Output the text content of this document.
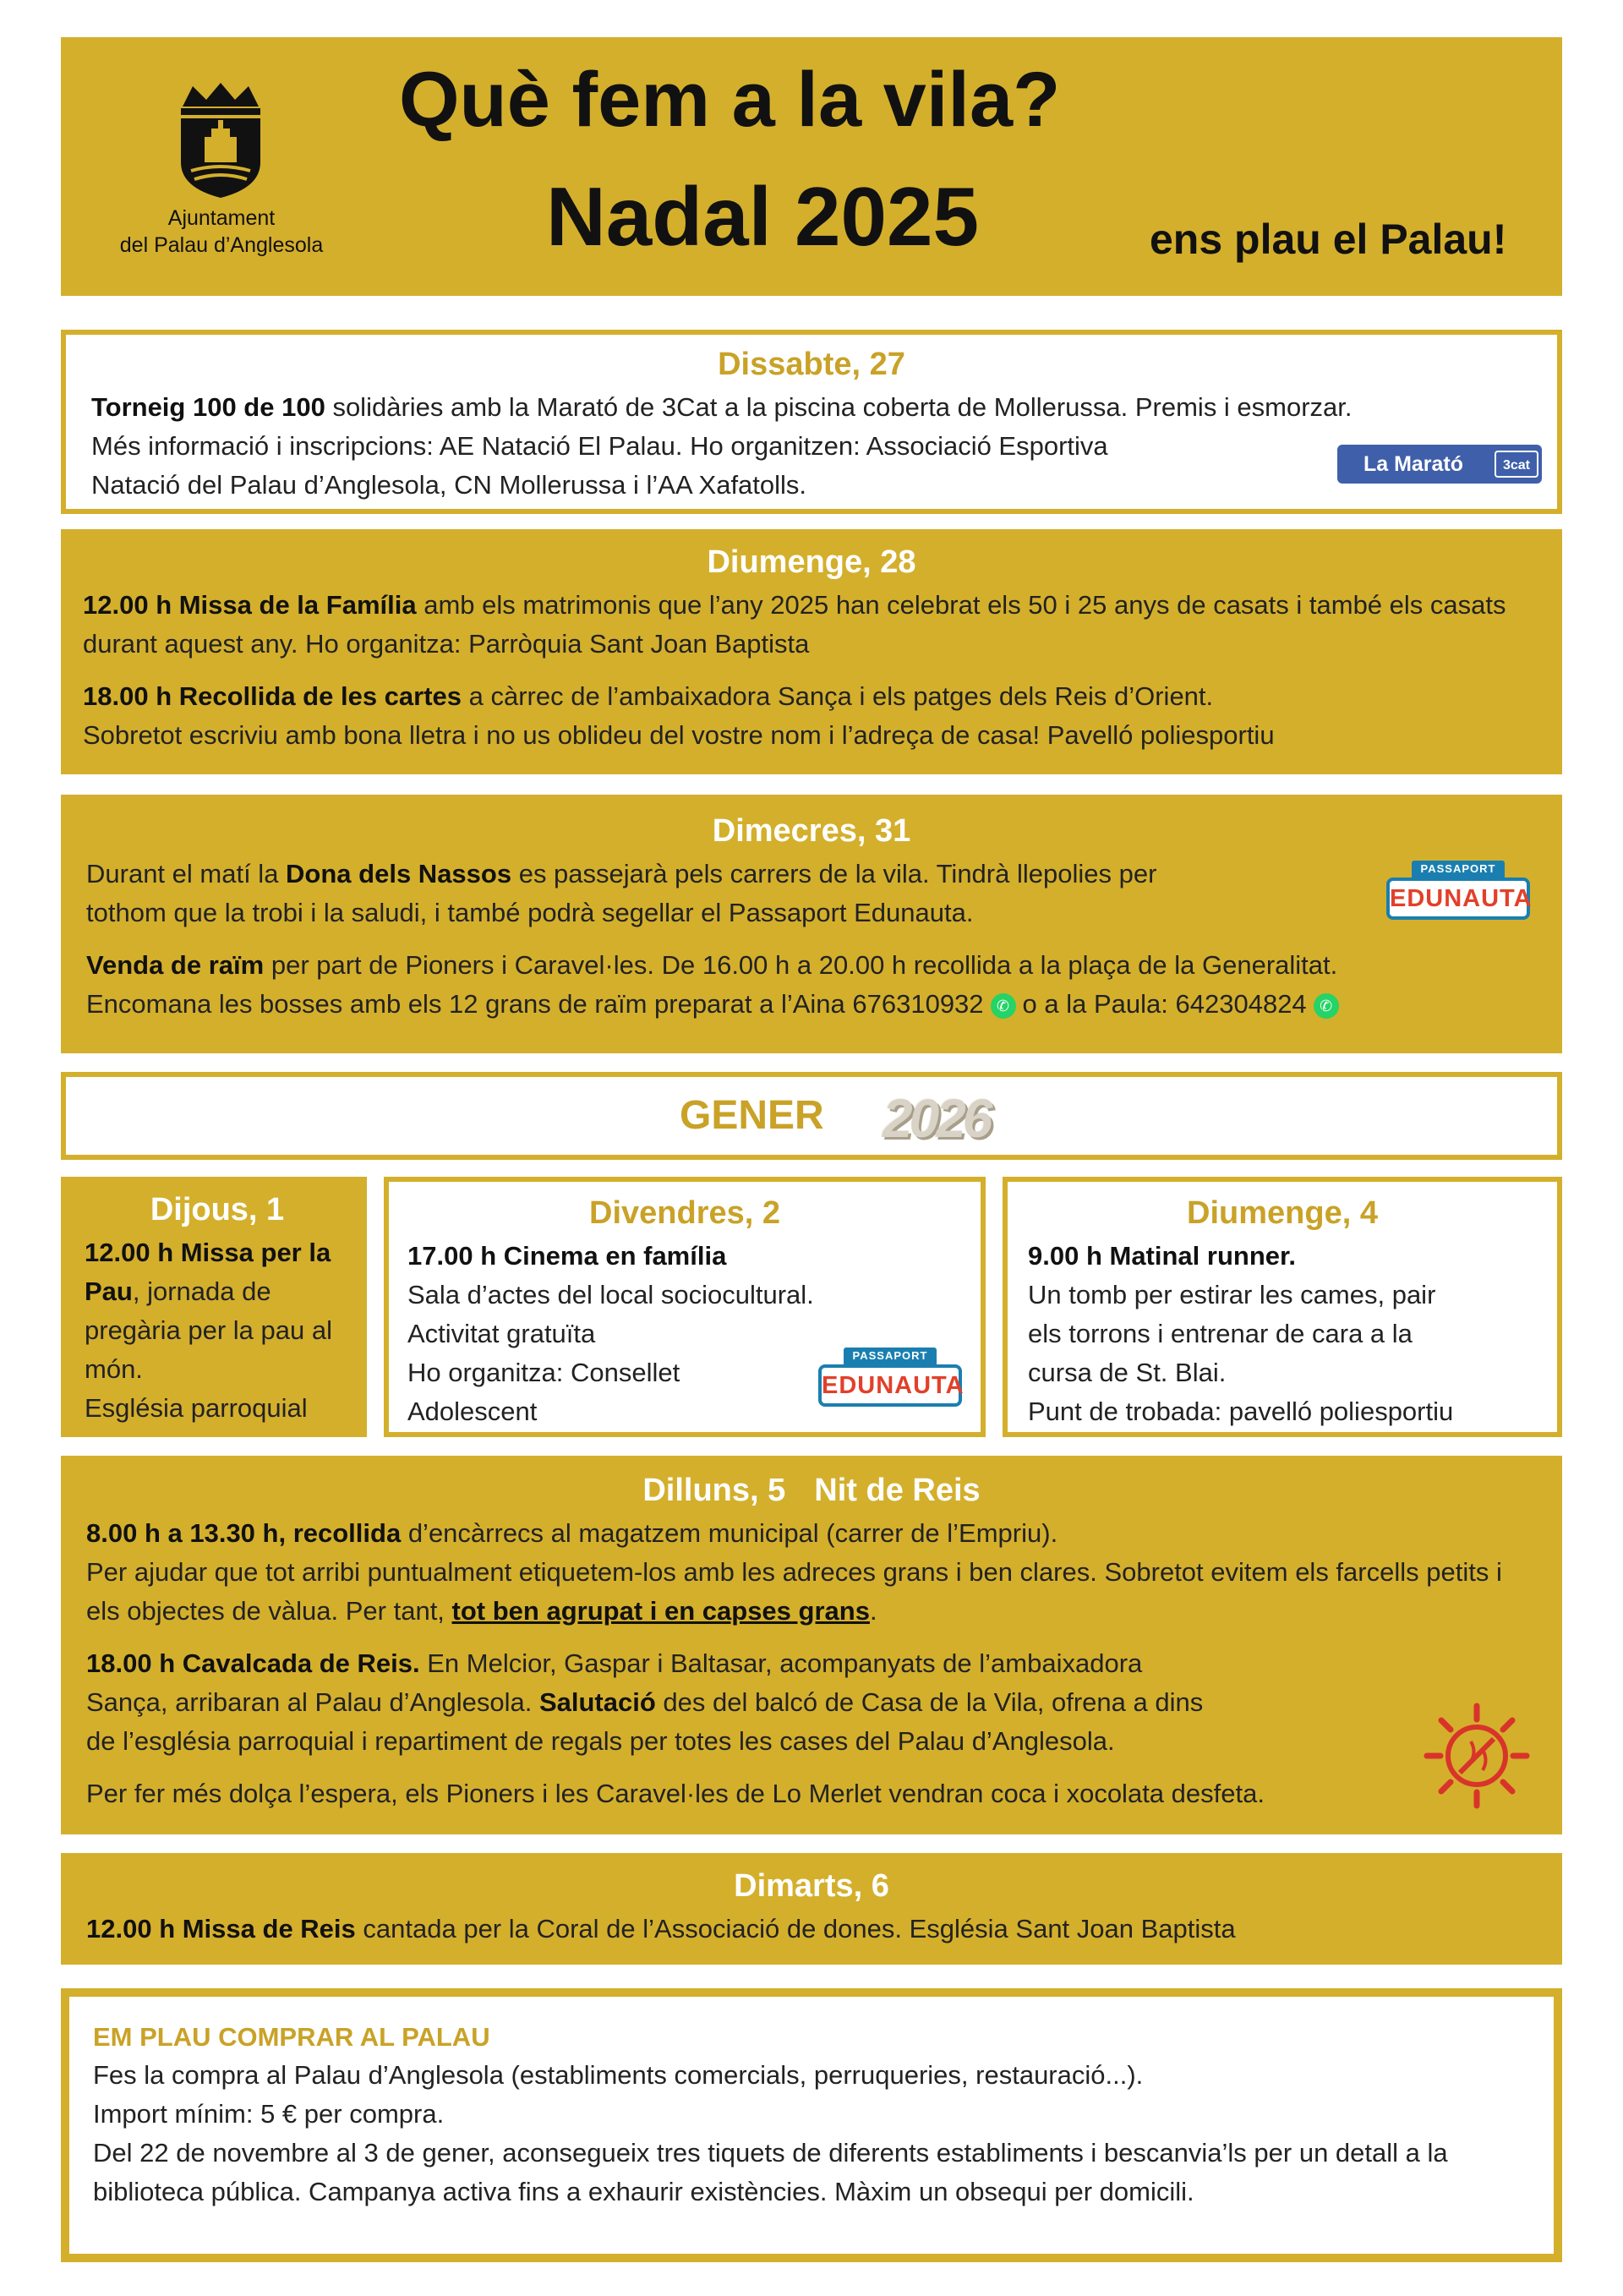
Ajuntament
del Palau d’Anglesola
Què fem a la vila?
Nadal 2025	ens plau el Palau!
Dissabte, 27

Torneig 100 de 100 solidàries amb la Marató de 3Cat a la piscina coberta de Mollerussa. Premis i esmorzar.

Més informació i inscripcions: AE Natació El Palau. Ho organitzen: Associació Esportiva

Natació del Palau d’Anglesola, CN Mollerussa i l’AA Xafatolls.

La Marató	3cat
Diumenge, 28

12.00 h Missa de la Família amb els matrimonis que l’any 2025 han celebrat els 50 i 25 anys de casats i també els casats durant aquest any. Ho organitza: Parròquia Sant Joan Baptista

18.00 h Recollida de les cartes a càrrec de l’ambaixadora Sança i els patges dels Reis d’Orient.

Sobretot escriviu amb bona lletra i no us oblideu del vostre nom i l’adreça de casa! Pavelló poliesportiu

Dimecres, 31

Durant el matí la Dona dels Nassos es passejarà pels carrers de la vila. Tindrà llepolies per

tothom que la trobi i la saludi, i també podrà segellar el Passaport Edunauta.

Venda de raïm per part de Pioners i Caravel·les. De 16.00 h a 20.00 h recollida a la plaça de la Generalitat.

Encomana les bosses amb els 12 grans de raïm preparat a l’Aina 676310932 ✆ o a la Paula: 642304824 ✆

PASSAPORT
EDUNAUTA
GENER 2026
Dijous, 1

12.00 h Missa per la Pau, jornada de pregària per la pau al món.

Església parroquial

Divendres, 2

17.00 h Cinema en família

Sala d’actes del local sociocultural.

Activitat gratuïta

Ho organitza: Consellet

Adolescent

PASSAPORT
EDUNAUTA
Diumenge, 4

9.00 h Matinal runner.

Un tomb per estirar les cames, pair

els torrons i entrenar de cara a la

cursa de St. Blai.

Punt de trobada: pavelló poliesportiu

Dilluns, 5 Nit de Reis

8.00 h a 13.30 h, recollida d’encàrrecs al magatzem municipal (carrer de l’Empriu).

Per ajudar que tot arribi puntualment etiquetem-los amb les adreces grans i ben clares. Sobretot evitem els farcells petits i els objectes de vàlua. Per tant, tot ben agrupat i en capses grans.

18.00 h Cavalcada de Reis. En Melcior, Gaspar i Baltasar, acompanyats de l’ambaixadora

Sança, arribaran al Palau d’Anglesola. Salutació des del balcó de Casa de la Vila, ofrena a dins

de l’església parroquial i repartiment de regals per totes les cases del Palau d’Anglesola.

Per fer més dolça l’espera, els Pioners i les Caravel·les de Lo Merlet vendran coca i xocolata desfeta.

Dimarts, 6

12.00 h Missa de Reis cantada per la Coral de l’Associació de dones. Església Sant Joan Baptista

EM PLAU COMPRAR AL PALAU

Fes la compra al Palau d’Anglesola (establiments comercials, perruqueries, restauració...).

Import mínim: 5 € per compra.

Del 22 de novembre al 3 de gener, aconsegueix tres tiquets de diferents establiments i bescanvia’ls per un detall a la biblioteca pública. Campanya activa fins a exhaurir existències. Màxim un obsequi per domicili.
